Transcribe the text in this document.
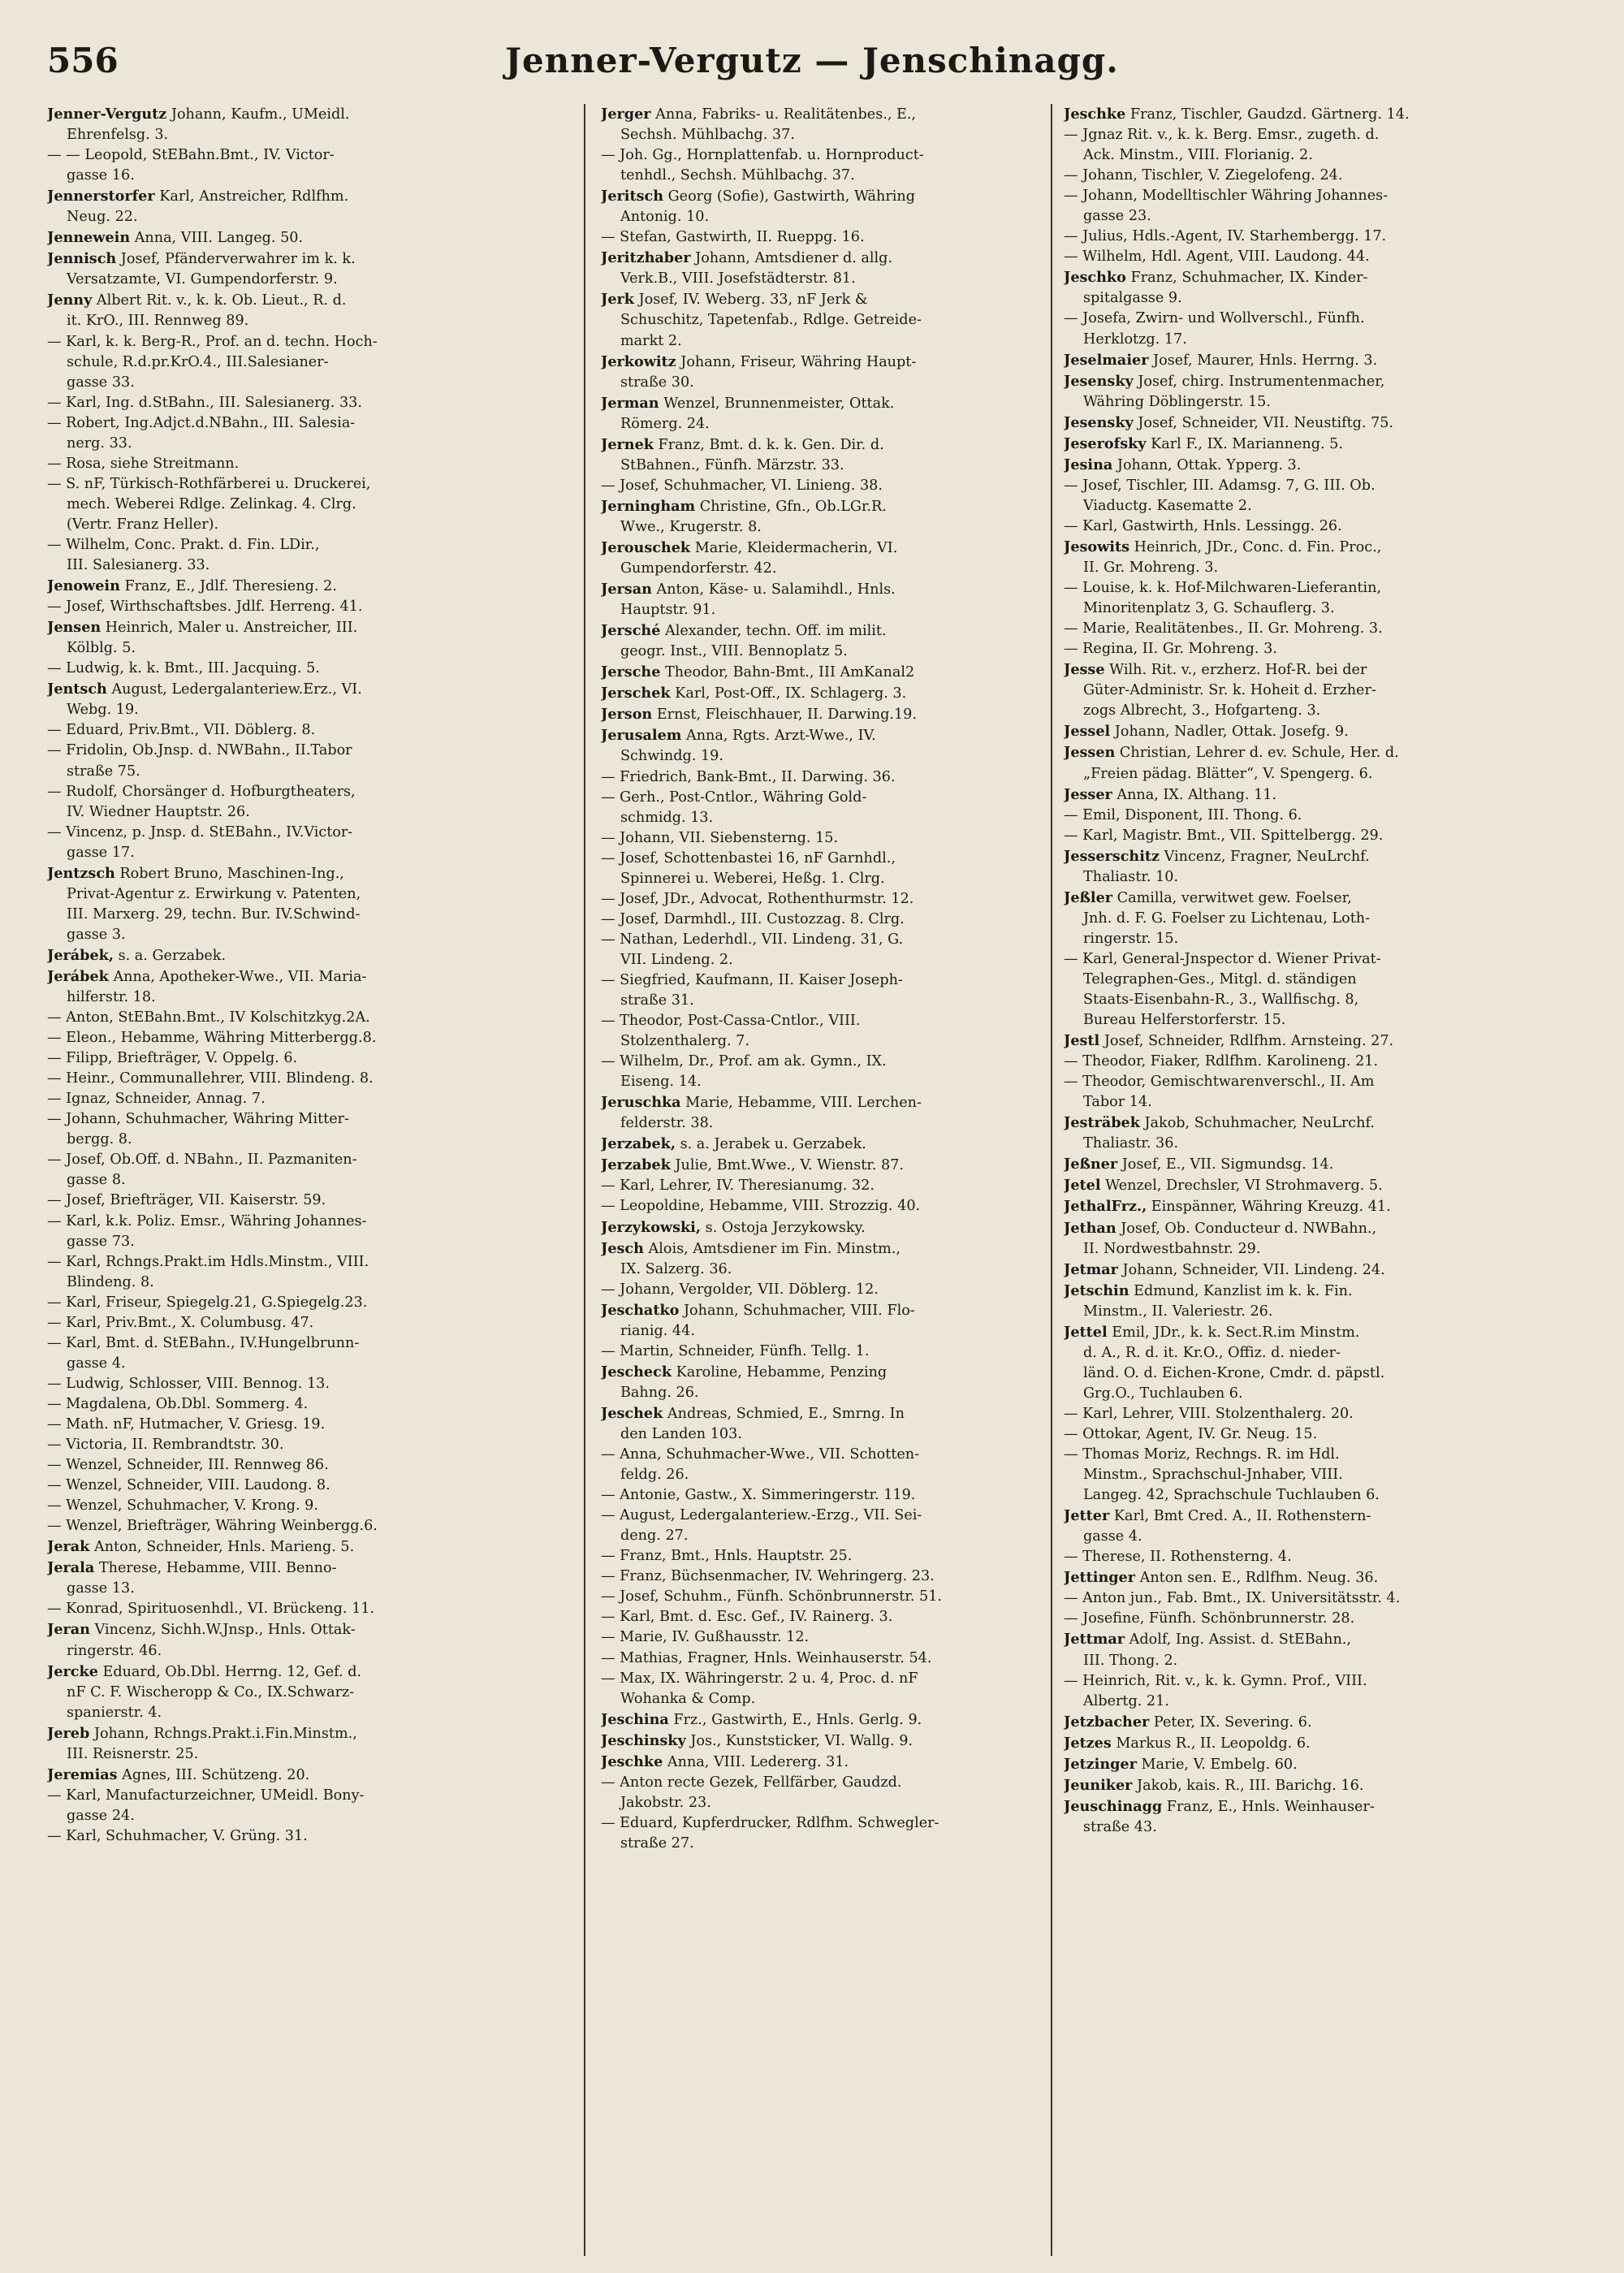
556	Jenner-Vergutz — Jenschinagg.
Jenner-Vergutz Johann, Kaufm., UMeidl.
Ehrenfelsg. 3.
— — Leopold, StEBahn.Bmt., IV. Victor-
gasse 16.
Jennerstorfer Karl, Anstreicher, Rdlfhm.
Neug. 22.
Jennewein Anna, VIII. Langeg. 50.
Jennisch Josef, Pfänderverwahrer im k. k.
Versatzamte, VI. Gumpendorferstr. 9.
Jenny Albert Rit. v., k. k. Ob. Lieut., R. d.
it. KrO., III. Rennweg 89.
— Karl, k. k. Berg-R., Prof. an d. techn. Hoch-
schule, R.d.pr.KrO.4., III.Salesianer-
gasse 33.
— Karl, Ing. d.StBahn., III. Salesianerg. 33.
— Robert, Ing.Adjct.d.NBahn., III. Salesia-
nerg. 33.
— Rosa, siehe Streitmann.
— S. nF, Türkisch-Rothfärberei u. Druckerei,
mech. Weberei Rdlge. Zelinkag. 4. Clrg.
(Vertr. Franz Heller).
— Wilhelm, Conc. Prakt. d. Fin. LDir.,
III. Salesianerg. 33.
Jenowein Franz, E., Jdlf. Theresieng. 2.
— Josef, Wirthschaftsbes. Jdlf. Herreng. 41.
Jensen Heinrich, Maler u. Anstreicher, III.
Kölblg. 5.
— Ludwig, k. k. Bmt., III. Jacquing. 5.
Jentsch August, Ledergalanteriew.Erz., VI.
Webg. 19.
— Eduard, Priv.Bmt., VII. Döblerg. 8.
— Fridolin, Ob.Jnsp. d. NWBahn., II.Tabor
straße 75.
— Rudolf, Chorsänger d. Hofburgtheaters,
IV. Wiedner Hauptstr. 26.
— Vincenz, p. Jnsp. d. StEBahn., IV.Victor-
gasse 17.
Jentzsch Robert Bruno, Maschinen-Ing.,
Privat-Agentur z. Erwirkung v. Patenten,
III. Marxerg. 29, techn. Bur. IV.Schwind-
gasse 3.
Jerábek, s. a. Gerzabek.
Jerábek Anna, Apotheker-Wwe., VII. Maria-
hilferstr. 18.
— Anton, StEBahn.Bmt., IV Kolschitzkyg.2A.
— Eleon., Hebamme, Währing Mitterbergg.8.
— Filipp, Briefträger, V. Oppelg. 6.
— Heinr., Communallehrer, VIII. Blindeng. 8.
— Ignaz, Schneider, Annag. 7.
— Johann, Schuhmacher, Währing Mitter-
bergg. 8.
— Josef, Ob.Off. d. NBahn., II. Pazmaniten-
gasse 8.
— Josef, Briefträger, VII. Kaiserstr. 59.
— Karl, k.k. Poliz. Emsr., Währing Johannes-
gasse 73.
— Karl, Rchngs.Prakt.im Hdls.Minstm., VIII.
Blindeng. 8.
— Karl, Friseur, Spiegelg.21, G.Spiegelg.23.
— Karl, Priv.Bmt., X. Columbusg. 47.
— Karl, Bmt. d. StEBahn., IV.Hungelbrunn-
gasse 4.
— Ludwig, Schlosser, VIII. Bennog. 13.
— Magdalena, Ob.Dbl. Sommerg. 4.
— Math. nF, Hutmacher, V. Griesg. 19.
— Victoria, II. Rembrandtstr. 30.
— Wenzel, Schneider, III. Rennweg 86.
— Wenzel, Schneider, VIII. Laudong. 8.
— Wenzel, Schuhmacher, V. Krong. 9.
— Wenzel, Briefträger, Währing Weinbergg.6.
Jerak Anton, Schneider, Hnls. Marieng. 5.
Jerala Therese, Hebamme, VIII. Benno-
gasse 13.
— Konrad, Spirituosenhdl., VI. Brückeng. 11.
Jeran Vincenz, Sichh.W.Jnsp., Hnls. Ottak-
ringerstr. 46.
Jercke Eduard, Ob.Dbl. Herrng. 12, Gef. d.
nF C. F. Wischeropp & Co., IX.Schwarz-
spanierstr. 4.
Jereb Johann, Rchngs.Prakt.i.Fin.Minstm.,
III. Reisnerstr. 25.
Jeremias Agnes, III. Schützeng. 20.
— Karl, Manufacturzeichner, UMeidl. Bony-
gasse 24.
— Karl, Schuhmacher, V. Grüng. 31.
Jerger Anna, Fabriks- u. Realitätenbes., E.,
Sechsh. Mühlbachg. 37.
— Joh. Gg., Hornplattenfab. u. Hornproduct-
tenhdl., Sechsh. Mühlbachg. 37.
Jeritsch Georg (Sofie), Gastwirth, Währing
Antonig. 10.
— Stefan, Gastwirth, II. Rueppg. 16.
Jeritzhaber Johann, Amtsdiener d. allg.
Verk.B., VIII. Josefstädterstr. 81.
Jerk Josef, IV. Weberg. 33, nF Jerk &
Schuschitz, Tapetenfab., Rdlge. Getreide-
markt 2.
Jerkowitz Johann, Friseur, Währing Haupt-
straße 30.
Jerman Wenzel, Brunnenmeister, Ottak.
Römerg. 24.
Jernek Franz, Bmt. d. k. k. Gen. Dir. d.
StBahnen., Fünfh. Märzstr. 33.
— Josef, Schuhmacher, VI. Linieng. 38.
Jerningham Christine, Gfn., Ob.LGr.R.
Wwe., Krugerstr. 8.
Jerouschek Marie, Kleidermacherin, VI.
Gumpendorferstr. 42.
Jersan Anton, Käse- u. Salamihdl., Hnls.
Hauptstr. 91.
Jersché Alexander, techn. Off. im milit.
geogr. Inst., VIII. Bennoplatz 5.
Jersche Theodor, Bahn-Bmt., III AmKanal2
Jerschek Karl, Post-Off., IX. Schlagerg. 3.
Jerson Ernst, Fleischhauer, II. Darwing.19.
Jerusalem Anna, Rgts. Arzt-Wwe., IV.
Schwindg. 19.
— Friedrich, Bank-Bmt., II. Darwing. 36.
— Gerh., Post-Cntlor., Währing Gold-
schmidg. 13.
— Johann, VII. Siebensterng. 15.
— Josef, Schottenbastei 16, nF Garnhdl.,
Spinnerei u. Weberei, Heßg. 1. Clrg.
— Josef, JDr., Advocat, Rothenthurmstr. 12.
— Josef, Darmhdl., III. Custozzag. 8. Clrg.
— Nathan, Lederhdl., VII. Lindeng. 31, G.
VII. Lindeng. 2.
— Siegfried, Kaufmann, II. Kaiser Joseph-
straße 31.
— Theodor, Post-Cassa-Cntlor., VIII.
Stolzenthalerg. 7.
— Wilhelm, Dr., Prof. am ak. Gymn., IX.
Eiseng. 14.
Jeruschka Marie, Hebamme, VIII. Lerchen-
felderstr. 38.
Jerzabek, s. a. Jerabek u. Gerzabek.
Jerzabek Julie, Bmt.Wwe., V. Wienstr. 87.
— Karl, Lehrer, IV. Theresianumg. 32.
— Leopoldine, Hebamme, VIII. Strozzig. 40.
Jerzykowski, s. Ostoja Jerzykowsky.
Jesch Alois, Amtsdiener im Fin. Minstm.,
IX. Salzerg. 36.
— Johann, Vergolder, VII. Döblerg. 12.
Jeschatko Johann, Schuhmacher, VIII. Flo-
rianig. 44.
— Martin, Schneider, Fünfh. Tellg. 1.
Jescheck Karoline, Hebamme, Penzing
Bahng. 26.
Jeschek Andreas, Schmied, E., Smrng. In
den Landen 103.
— Anna, Schuhmacher-Wwe., VII. Schotten-
feldg. 26.
— Antonie, Gastw., X. Simmeringerstr. 119.
— August, Ledergalanteriew.-Erzg., VII. Sei-
deng. 27.
— Franz, Bmt., Hnls. Hauptstr. 25.
— Franz, Büchsenmacher, IV. Wehringerg. 23.
— Josef, Schuhm., Fünfh. Schönbrunnerstr. 51.
— Karl, Bmt. d. Esc. Gef., IV. Rainerg. 3.
— Marie, IV. Gußhausstr. 12.
— Mathias, Fragner, Hnls. Weinhauserstr. 54.
— Max, IX. Währingerstr. 2 u. 4, Proc. d. nF
Wohanka & Comp.
Jeschina Frz., Gastwirth, E., Hnls. Gerlg. 9.
Jeschinsky Jos., Kunststicker, VI. Wallg. 9.
Jeschke Anna, VIII. Ledererg. 31.
— Anton recte Gezek, Fellfärber, Gaudzd.
Jakobstr. 23.
— Eduard, Kupferdrucker, Rdlfhm. Schwegler-
straße 27.
Jeschke Franz, Tischler, Gaudzd. Gärtnerg. 14.
— Jgnaz Rit. v., k. k. Berg. Emsr., zugeth. d.
Ack. Minstm., VIII. Florianig. 2.
— Johann, Tischler, V. Ziegelofeng. 24.
— Johann, Modelltischler Währing Johannes-
gasse 23.
— Julius, Hdls.-Agent, IV. Starhembergg. 17.
— Wilhelm, Hdl. Agent, VIII. Laudong. 44.
Jeschko Franz, Schuhmacher, IX. Kinder-
spitalgasse 9.
— Josefa, Zwirn- und Wollverschl., Fünfh.
Herklotzg. 17.
Jeselmaier Josef, Maurer, Hnls. Herrng. 3.
Jesensky Josef, chirg. Instrumentenmacher,
Währing Döblingerstr. 15.
Jesensky Josef, Schneider, VII. Neustiftg. 75.
Jeserofsky Karl F., IX. Marianneng. 5.
Jesina Johann, Ottak. Ypperg. 3.
— Josef, Tischler, III. Adamsg. 7, G. III. Ob.
Viaductg. Kasematte 2.
— Karl, Gastwirth, Hnls. Lessingg. 26.
Jesowits Heinrich, JDr., Conc. d. Fin. Proc.,
II. Gr. Mohreng. 3.
— Louise, k. k. Hof-Milchwaren-Lieferantin,
Minoritenplatz 3, G. Schauflerg. 3.
— Marie, Realitätenbes., II. Gr. Mohreng. 3.
— Regina, II. Gr. Mohreng. 3.
Jesse Wilh. Rit. v., erzherz. Hof-R. bei der
Güter-Administr. Sr. k. Hoheit d. Erzher-
zogs Albrecht, 3., Hofgarteng. 3.
Jessel Johann, Nadler, Ottak. Josefg. 9.
Jessen Christian, Lehrer d. ev. Schule, Her. d.
„Freien pädag. Blätter“, V. Spengerg. 6.
Jesser Anna, IX. Althang. 11.
— Emil, Disponent, III. Thong. 6.
— Karl, Magistr. Bmt., VII. Spittelbergg. 29.
Jesserschitz Vincenz, Fragner, NeuLrchf.
Thaliastr. 10.
Jeßler Camilla, verwitwet gew. Foelser,
Jnh. d. F. G. Foelser zu Lichtenau, Loth-
ringerstr. 15.
— Karl, General-Jnspector d. Wiener Privat-
Telegraphen-Ges., Mitgl. d. ständigen
Staats-Eisenbahn-R., 3., Wallfischg. 8,
Bureau Helferstorferstr. 15.
Jestl Josef, Schneider, Rdlfhm. Arnsteing. 27.
— Theodor, Fiaker, Rdlfhm. Karolineng. 21.
— Theodor, Gemischtwarenverschl., II. Am
Tabor 14.
Jesträbek Jakob, Schuhmacher, NeuLrchf.
Thaliastr. 36.
Jeßner Josef, E., VII. Sigmundsg. 14.
Jetel Wenzel, Drechsler, VI Strohmaverg. 5.
JethalFrz., Einspänner, Währing Kreuzg. 41.
Jethan Josef, Ob. Conducteur d. NWBahn.,
II. Nordwestbahnstr. 29.
Jetmar Johann, Schneider, VII. Lindeng. 24.
Jetschin Edmund, Kanzlist im k. k. Fin.
Minstm., II. Valeriestr. 26.
Jettel Emil, JDr., k. k. Sect.R.im Minstm.
d. A., R. d. it. Kr.O., Offiz. d. nieder-
länd. O. d. Eichen-Krone, Cmdr. d. päpstl.
Grg.O., Tuchlauben 6.
— Karl, Lehrer, VIII. Stolzenthalerg. 20.
— Ottokar, Agent, IV. Gr. Neug. 15.
— Thomas Moriz, Rechngs. R. im Hdl.
Minstm., Sprachschul-Jnhaber, VIII.
Langeg. 42, Sprachschule Tuchlauben 6.
Jetter Karl, Bmt Cred. A., II. Rothenstern-
gasse 4.
— Therese, II. Rothensterng. 4.
Jettinger Anton sen. E., Rdlfhm. Neug. 36.
— Anton jun., Fab. Bmt., IX. Universitätsstr. 4.
— Josefine, Fünfh. Schönbrunnerstr. 28.
Jettmar Adolf, Ing. Assist. d. StEBahn.,
III. Thong. 2.
— Heinrich, Rit. v., k. k. Gymn. Prof., VIII.
Albertg. 21.
Jetzbacher Peter, IX. Severing. 6.
Jetzes Markus R., II. Leopoldg. 6.
Jetzinger Marie, V. Embelg. 60.
Jeuniker Jakob, kais. R., III. Barichg. 16.
Jeuschinagg Franz, E., Hnls. Weinhauser-
straße 43.
